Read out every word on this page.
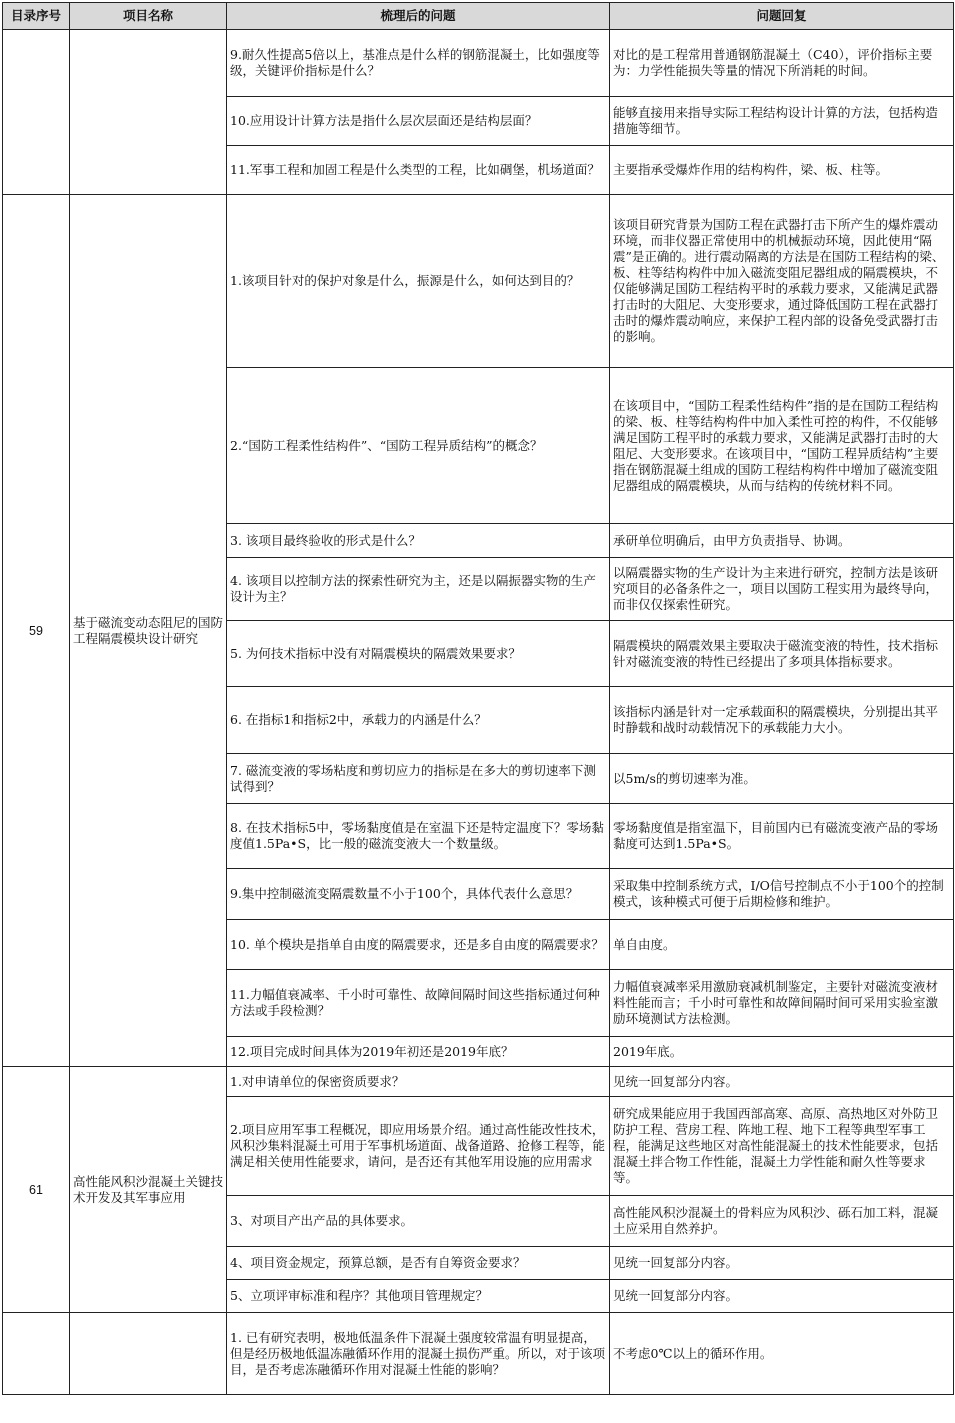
目录序号	项目名称	梳理后的问题	问题回复
		9.耐久性提高5倍以上，基准点是什么样的钢筋混凝土，比如强度等级，关键评价指标是什么？	对比的是工程常用普通钢筋混凝土（C40），评价指标主要为：力学性能损失等量的情况下所消耗的时间。
		10.应用设计计算方法是指什么层次层面还是结构层面？	能够直接用来指导实际工程结构设计计算的方法，包括构造措施等细节。
		11.军事工程和加固工程是什么类型的工程，比如碉堡，机场道面？	主要指承受爆炸作用的结构构件，梁、板、柱等。
59	基于磁流变动态阻尼的国防工程隔震模块设计研究	1.该项目针对的保护对象是什么，振源是什么，如何达到目的？	该项目研究背景为国防工程在武器打击下所产生的爆炸震动环境，而非仪器正常使用中的机械振动环境，因此使用“隔震”是正确的。进行震动隔离的方法是在国防工程结构的梁、板、柱等结构构件中加入磁流变阻尼器组成的隔震模块，不仅能够满足国防工程结构平时的承载力要求，又能满足武器打击时的大阻尼、大变形要求，通过降低国防工程在武器打击时的爆炸震动响应，来保护工程内部的设备免受武器打击的影响。
		2.“国防工程柔性结构件”、“国防工程异质结构”的概念？	在该项目中，“国防工程柔性结构件”指的是在国防工程结构的梁、板、柱等结构构件中加入柔性可控的构件，不仅能够满足国防工程平时的承载力要求，又能满足武器打击时的大阻尼、大变形要求。在该项目中，“国防工程异质结构”主要指在钢筋混凝土组成的国防工程结构构件中增加了磁流变阻尼器组成的隔震模块，从而与结构的传统材料不同。
		3. 该项目最终验收的形式是什么？	承研单位明确后，由甲方负责指导、协调。
		4. 该项目以控制方法的探索性研究为主，还是以隔振器实物的生产设计为主？	以隔震器实物的生产设计为主来进行研究，控制方法是该研究项目的必备条件之一，项目以国防工程实用为最终导向，而非仅仅探索性研究。
		5. 为何技术指标中没有对隔震模块的隔震效果要求？	隔震模块的隔震效果主要取决于磁流变液的特性，技术指标针对磁流变液的特性已经提出了多项具体指标要求。
		6. 在指标1和指标2中，承载力的内涵是什么？	该指标内涵是针对一定承载面积的隔震模块，分别提出其平时静载和战时动载情况下的承载能力大小。
		7. 磁流变液的零场粘度和剪切应力的指标是在多大的剪切速率下测试得到？	以5m/s的剪切速率为准。
		8. 在技术指标5中，零场黏度值是在室温下还是特定温度下？零场黏度值1.5Pa•S，比一般的磁流变液大一个数量级。	零场黏度值是指室温下，目前国内已有磁流变液产品的零场黏度可达到1.5Pa•S。
		9.集中控制磁流变隔震数量不小于100个，具体代表什么意思？	采取集中控制系统方式，I/O信号控制点不小于100个的控制模式，该种模式可便于后期检修和维护。
		10. 单个模块是指单自由度的隔震要求，还是多自由度的隔震要求？	单自由度。
		11.力幅值衰减率、千小时可靠性、故障间隔时间这些指标通过何种方法或手段检测？	力幅值衰减率采用激励衰减机制鉴定，主要针对磁流变液材料性能而言；千小时可靠性和故障间隔时间可采用实验室激励环境测试方法检测。
		12.项目完成时间具体为2019年初还是2019年底？	2019年底。
61	高性能风积沙混凝土关键技术开发及其军事应用	1.对申请单位的保密资质要求？	见统一回复部分内容。
		2.项目应用军事工程概况，即应用场景介绍。通过高性能改性技术，风积沙集料混凝土可用于军事机场道面、战备道路、抢修工程等，能满足相关使用性能要求，请问，是否还有其他军用设施的应用需求	研究成果能应用于我国西部高寒、高原、高热地区对外防卫防护工程、营房工程、阵地工程、地下工程等典型军事工程，能满足这些地区对高性能混凝土的技术性能要求，包括混凝土拌合物工作性能，混凝土力学性能和耐久性等要求等。
		3、对项目产出产品的具体要求。	高性能风积沙混凝土的骨料应为风积沙、砾石加工料，混凝土应采用自然养护。
		4、项目资金规定，预算总额，是否有自筹资金要求？	见统一回复部分内容。
		5、立项评审标准和程序？其他项目管理规定？	见统一回复部分内容。
		1. 已有研究表明，极地低温条件下混凝土强度较常温有明显提高，但是经历极地低温冻融循环作用的混凝土损伤严重。所以，对于该项目，是否考虑冻融循环作用对混凝土性能的影响？	不考虑0℃以上的循环作用。
